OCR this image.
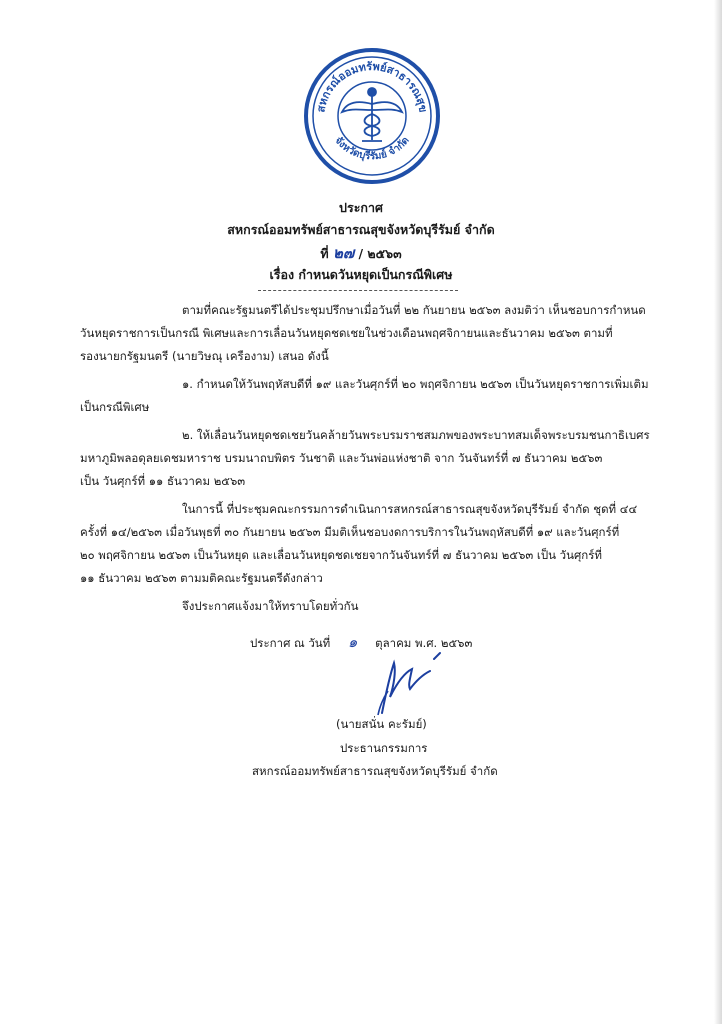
สหกรณ์ออมทรัพย์สาธารณสุข
จังหวัดบุรีรัมย์ จำกัด
ประกาศ
สหกรณ์ออมทรัพย์สาธารณสุขจังหวัดบุรีรัมย์ จำกัด
ที่ ๒๗ / ๒๕๖๓
เรื่อง กำหนดวันหยุดเป็นกรณีพิเศษ
ตามที่คณะรัฐมนตรีได้ประชุมปรึกษาเมื่อวันที่ ๒๒ กันยายน ๒๕๖๓ ลงมติว่า เห็นชอบการกำหนด
วันหยุดราชการเป็นกรณี พิเศษและการเลื่อนวันหยุดชดเชยในช่วงเดือนพฤศจิกายนและธันวาคม ๒๕๖๓ ตามที่
รองนายกรัฐมนตรี (นายวิษณุ เครืองาม) เสนอ ดังนี้
๑. กำหนดให้วันพฤหัสบดีที่ ๑๙ และวันศุกร์ที่ ๒๐ พฤศจิกายน ๒๕๖๓ เป็นวันหยุดราชการเพิ่มเติม
เป็นกรณีพิเศษ
๒. ให้เลื่อนวันหยุดชดเชยวันคล้ายวันพระบรมราชสมภพของพระบาทสมเด็จพระบรมชนกาธิเบศร
มหาภูมิพลอดุลยเดชมหาราช บรมนาถบพิตร วันชาติ และวันพ่อแห่งชาติ จาก วันจันทร์ที่ ๗ ธันวาคม ๒๕๖๓
เป็น วันศุกร์ที่ ๑๑ ธันวาคม ๒๕๖๓
ในการนี้ ที่ประชุมคณะกรรมการดำเนินการสหกรณ์สาธารณสุขจังหวัดบุรีรัมย์ จำกัด ชุดที่ ๔๔
ครั้งที่ ๑๔/๒๕๖๓ เมื่อวันพุธที่ ๓๐ กันยายน ๒๕๖๓ มีมติเห็นชอบงดการบริการในวันพฤหัสบดีที่ ๑๙ และวันศุกร์ที่
๒๐ พฤศจิกายน ๒๕๖๓ เป็นวันหยุด และเลื่อนวันหยุดชดเชยจากวันจันทร์ที่ ๗ ธันวาคม ๒๕๖๓ เป็น วันศุกร์ที่
๑๑ ธันวาคม ๒๕๖๓ ตามมติคณะรัฐมนตรีดังกล่าว
จึงประกาศแจ้งมาให้ทราบโดยทั่วกัน
ประกาศ ณ วันที่ ๑ ตุลาคม พ.ศ. ๒๕๖๓
(นายสนั่น คะรัมย์)
ประธานกรรมการ
สหกรณ์ออมทรัพย์สาธารณสุขจังหวัดบุรีรัมย์ จำกัด
